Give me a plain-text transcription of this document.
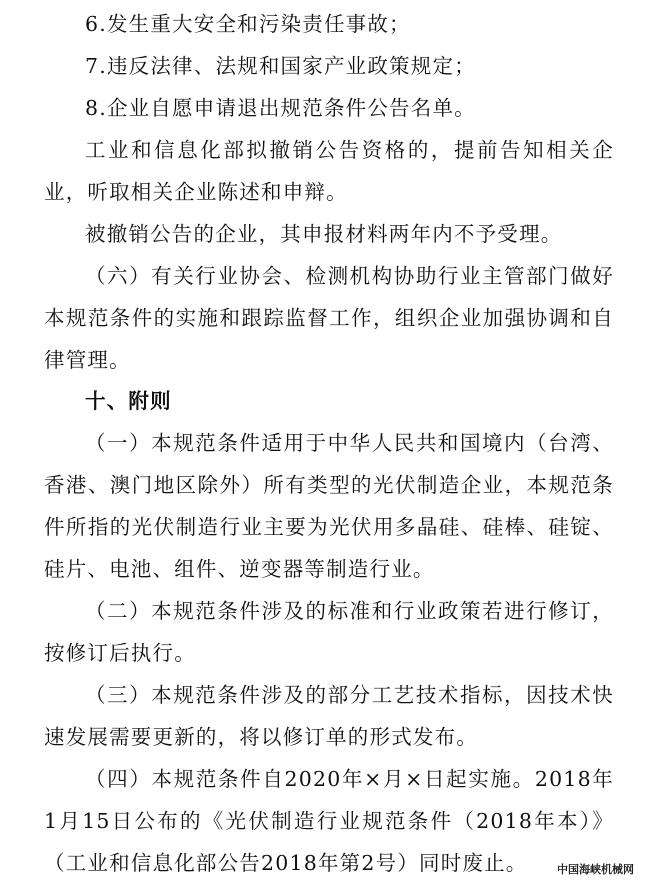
6.发生重大安全和污染责任事故；

7.违反法律、法规和国家产业政策规定；

8.企业自愿申请退出规范条件公告名单。

工业和信息化部拟撤销公告资格的，提前告知相关企业，听取相关企业陈述和申辩。

被撤销公告的企业，其申报材料两年内不予受理。

（六）有关行业协会、检测机构协助行业主管部门做好本规范条件的实施和跟踪监督工作，组织企业加强协调和自律管理。

十、附则

（一）本规范条件适用于中华人民共和国境内（台湾、香港、澳门地区除外）所有类型的光伏制造企业，本规范条件所指的光伏制造行业主要为光伏用多晶硅、硅棒、硅锭、硅片、电池、组件、逆变器等制造行业。

（二）本规范条件涉及的标准和行业政策若进行修订，按修订后执行。

（三）本规范条件涉及的部分工艺技术指标，因技术快速发展需要更新的，将以修订单的形式发布。

（四）本规范条件自2020年×月×日起实施。2018年1月15日公布的《光伏制造行业规范条件（2018年本）》（工业和信息化部公告2018年第2号）同时废止。	中国海峡机械网
